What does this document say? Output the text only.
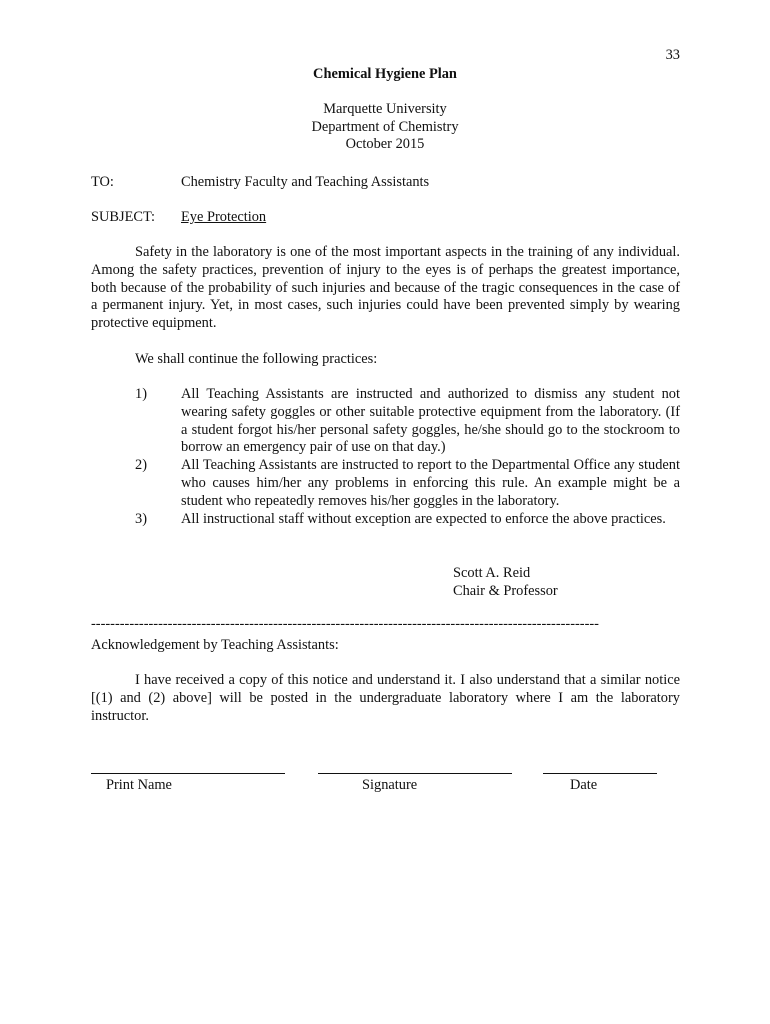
33
Chemical Hygiene Plan
Marquette University
Department of Chemistry
October 2015
TO:	Chemistry Faculty and Teaching Assistants
SUBJECT: Eye Protection
Safety in the laboratory is one of the most important aspects in the training of any individual. Among the safety practices, prevention of injury to the eyes is of perhaps the greatest importance, both because of the probability of such injuries and because of the tragic consequences in the case of a permanent injury. Yet, in most cases, such injuries could have been prevented simply by wearing protective equipment.
We shall continue the following practices:
1)	All Teaching Assistants are instructed and authorized to dismiss any student not wearing safety goggles or other suitable protective equipment from the laboratory. (If a student forgot his/her personal safety goggles, he/she should go to the stockroom to borrow an emergency pair of use on that day.)
2)	All Teaching Assistants are instructed to report to the Departmental Office any student who causes him/her any problems in enforcing this rule. An example might be a student who repeatedly removes his/her goggles in the laboratory.
3)	All instructional staff without exception are expected to enforce the above practices.
Scott A. Reid
Chair & Professor
----------------------------------------------------------------------------------------------------------
Acknowledgement by Teaching Assistants:
I have received a copy of this notice and understand it. I also understand that a similar notice [(1) and (2) above] will be posted in the undergraduate laboratory where I am the laboratory instructor.
Print Name	Signature	Date
